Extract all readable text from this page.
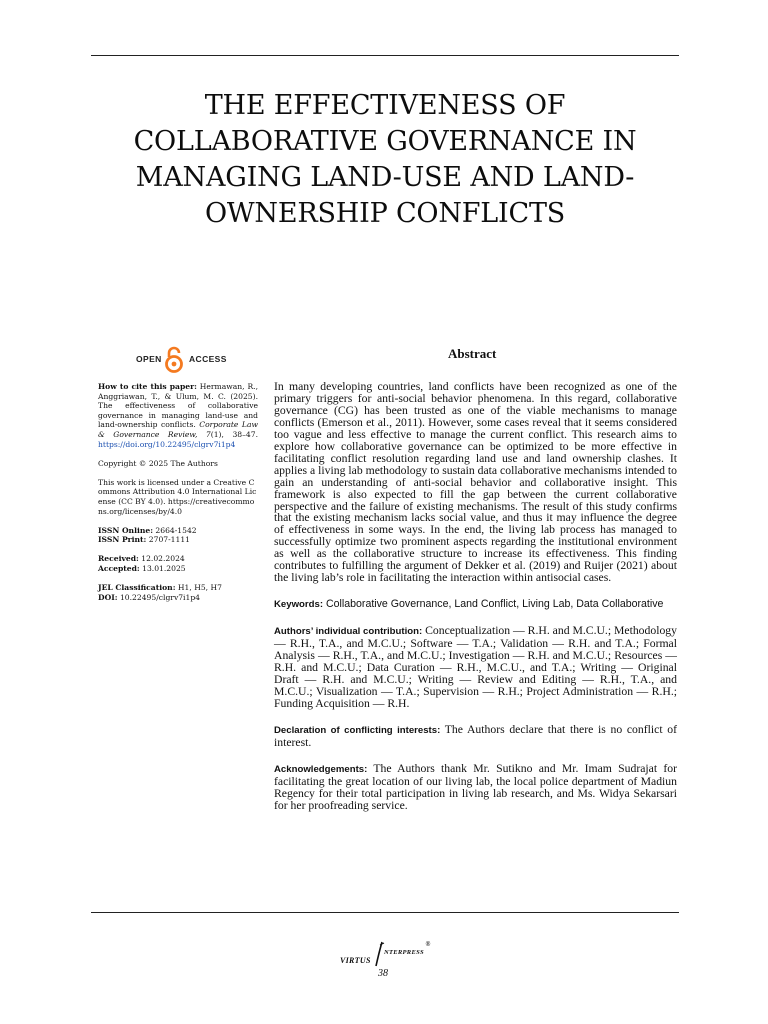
THE EFFECTIVENESS OF COLLABORATIVE GOVERNANCE IN MANAGING LAND-USE AND LAND-OWNERSHIP CONFLICTS
OPEN	ACCESS

How to cite this paper: Hermawan, R., Anggriawan, T., & Ulum, M. C. (2025). The effectiveness of collaborative governance in managing land-use and land-ownership conflicts. Corporate Law & Governance Review, 7(1), 38–47. https://doi.org/10.22495/clgrv7i1p4

Copyright © 2025 The Authors

This work is licensed under a Creative Commons Attribution 4.0 International License (CC BY 4.0). https://creativecommons.org/licenses/by/4.0

ISSN Online: 2664-1542
ISSN Print: 2707-1111

Received: 12.02.2024
Accepted: 13.01.2025

JEL Classification: H1, H5, H7
DOI: 10.22495/clgrv7i1p4

Abstract

In many developing countries, land conflicts have been recognized as one of the primary triggers for anti-social behavior phenomena. In this regard, collaborative governance (CG) has been trusted as one of the viable mechanisms to manage conflicts (Emerson et al., 2011). However, some cases reveal that it seems considered too vague and less effective to manage the current conflict. This research aims to explore how collaborative governance can be optimized to be more effective in facilitating conflict resolution regarding land use and land ownership clashes. It applies a living lab methodology to sustain data collaborative mechanisms intended to gain an understanding of anti-social behavior and collaborative insight. This framework is also expected to fill the gap between the current collaborative perspective and the failure of existing mechanisms. The result of this study confirms that the existing mechanism lacks social value, and thus it may influence the degree of effectiveness in some ways. In the end, the living lab process has managed to successfully optimize two prominent aspects regarding the institutional environment as well as the collaborative structure to increase its effectiveness. This finding contributes to fulfilling the argument of Dekker et al. (2019) and Ruijer (2021) about the living lab’s role in facilitating the interaction within antisocial cases.

Keywords: Collaborative Governance, Land Conflict, Living Lab, Data Collaborative
Authors’ individual contribution: Conceptualization — R.H. and M.C.U.; Methodology — R.H., T.A., and M.C.U.; Software — T.A.; Validation — R.H. and T.A.; Formal Analysis — R.H., T.A., and M.C.U.; Investigation — R.H. and M.C.U.; Resources — R.H. and M.C.U.; Data Curation — R.H., M.C.U., and T.A.; Writing — Original Draft — R.H. and M.C.U.; Writing — Review and Editing — R.H., T.A., and M.C.U.; Visualization — T.A.; Supervision — R.H.; Project Administration — R.H.; Funding Acquisition — R.H.
Declaration of conflicting interests: The Authors declare that there is no conflict of interest.
Acknowledgements: The Authors thank Mr. Sutikno and Mr. Imam Sudrajat for facilitating the great location of our living lab, the local police department of Madiun Regency for their total participation in living lab research, and Ms. Widya Sekarsari for her proofreading service.
VIRTUS
NTERPRESS
®
38
